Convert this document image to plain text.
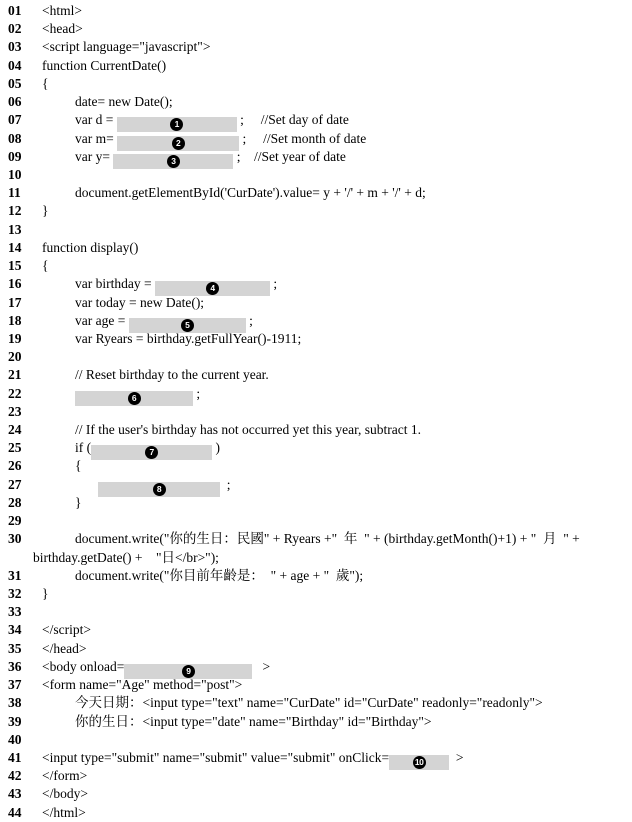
01	<html>
02	<head>
03	<script language="javascript">
04	function CurrentDate()
05	{
06	date= new Date();
07	var d =	1	;     //Set day of date
08	var m=	2	;     //Set month of date
09	var y=	3	;    //Set year of date
10
11	document.getElementById('CurDate').value= y + '/' + m + '/' + d;
12	}
13
14	function display()
15	{
16	var birthday =	4	;
17	var today = new Date();
18	var age =	5	;
19	var Ryears = birthday.getFullYear()-1911;
20
21	// Reset birthday to the current year.
22	6	;
23
24	// If the user's birthday has not occurred yet this year, subtract 1.
25	if (	7	)
26	{
27	8	;
28	}
29
30	document.write("你的生日：民國" + Ryears +"  年  " + (birthday.getMonth()+1) + "  月  " +
birthday.getDate() +    "日</br>");
31	document.write("你目前年齡是：  " + age + "  歲");
32	}
33
34	</script>
35	</head>
36	<body onload=	9	>
37	<form name="Age" method="post">
38	今天日期：<input type="text" name="CurDate" id="CurDate" readonly="readonly">
39	你的生日：<input type="date" name="Birthday" id="Birthday">
40
41	<input type="submit" name="submit" value="submit" onClick=	10 >
42	</form>
43	</body>
44	</html>
